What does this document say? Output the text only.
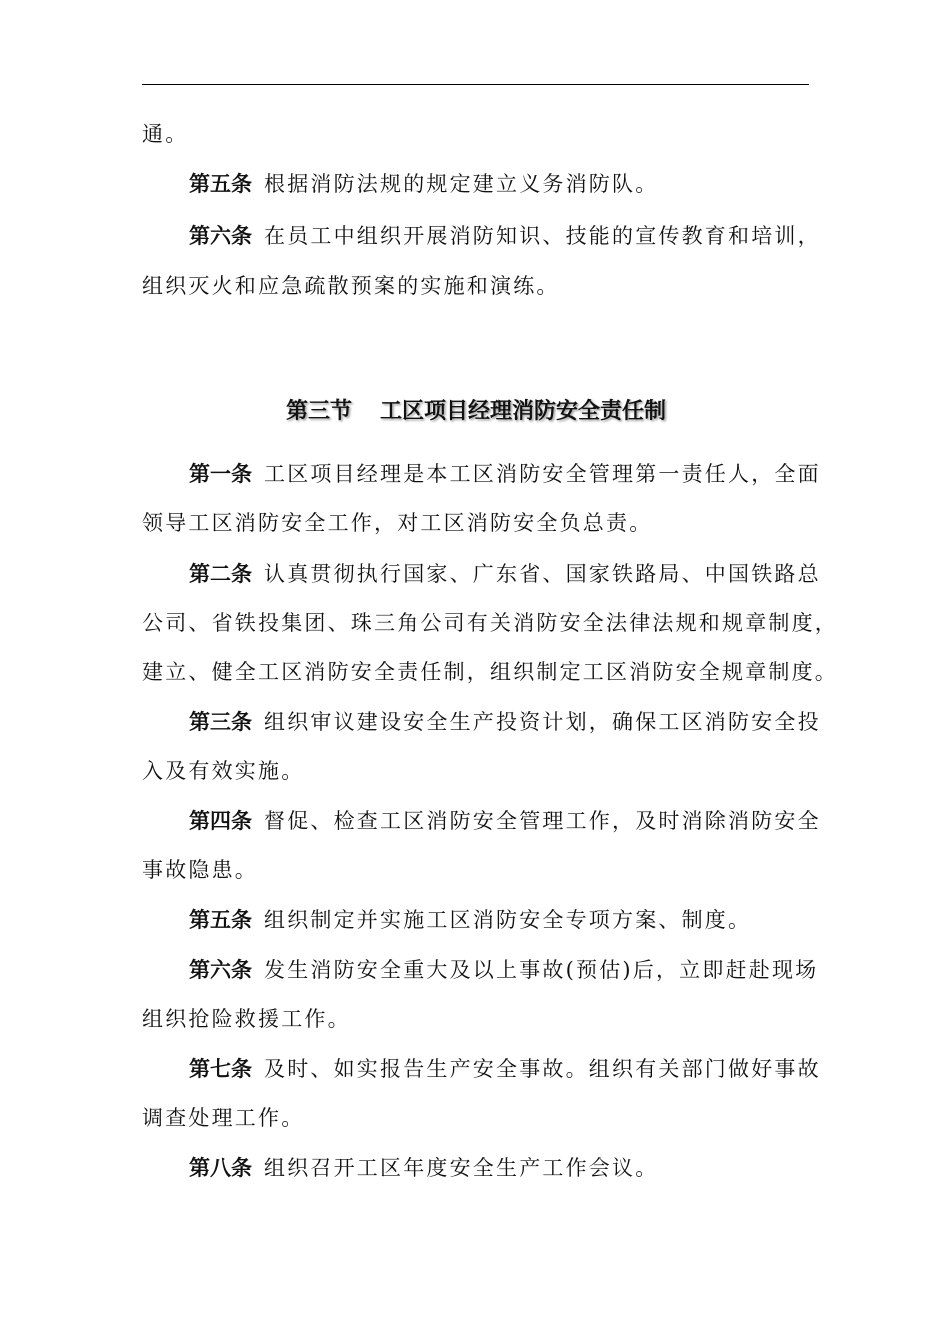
通。
第五条 根据消防法规的规定建立义务消防队。
第六条 在员工中组织开展消防知识、技能的宣传教育和培训，
组织灭火和应急疏散预案的实施和演练。
第三节 工区项目经理消防安全责任制
第一条 工区项目经理是本工区消防安全管理第一责任人，全面
领导工区消防安全工作，对工区消防安全负总责。
第二条 认真贯彻执行国家、广东省、国家铁路局、中国铁路总
公司、省铁投集团、珠三角公司有关消防安全法律法规和规章制度，
建立、健全工区消防安全责任制，组织制定工区消防安全规章制度。
第三条 组织审议建设安全生产投资计划，确保工区消防安全投
入及有效实施。
第四条 督促、检查工区消防安全管理工作，及时消除消防安全
事故隐患。
第五条 组织制定并实施工区消防安全专项方案、制度。
第六条 发生消防安全重大及以上事故(预估)后，立即赶赴现场
组织抢险救援工作。
第七条 及时、如实报告生产安全事故。组织有关部门做好事故
调查处理工作。
第八条 组织召开工区年度安全生产工作会议。
